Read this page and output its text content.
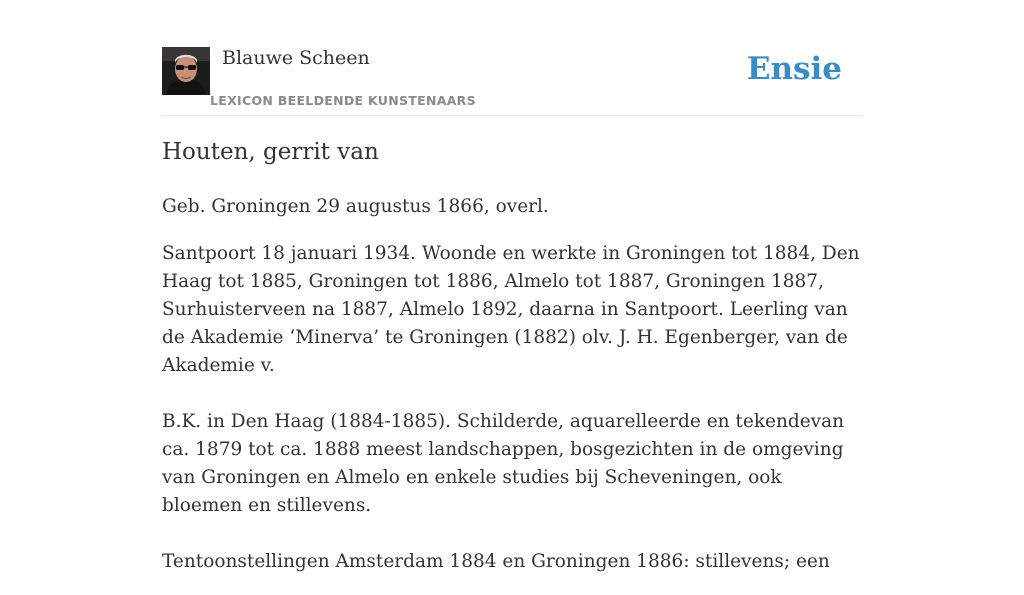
Blauwe Scheen
LEXICON BEELDENDE KUNSTENAARS
Ensie
Houten, gerrit van

Geb. Groningen 29 augustus 1866, overl.

Santpoort 18 januari 1934. Woonde en werkte in Groningen tot 1884, Den Haag tot 1885, Groningen tot 1886, Almelo tot 1887, Groningen 1887, Surhuisterveen na 1887, Almelo 1892, daarna in Santpoort. Leerling van de Akademie ‘Minerva’ te Groningen (1882) olv. J. H. Egenberger, van de Akademie v.

B.K. in Den Haag (1884-1885). Schilderde, aquarelleerde en tekendevan ca. 1879 tot ca. 1888 meest landschappen, bosgezichten in de omgeving van Groningen en Almelo en enkele studies bij Scheveningen, ook bloemen en stillevens.

Tentoonstellingen Amsterdam 1884 en Groningen 1886: stillevens; een
